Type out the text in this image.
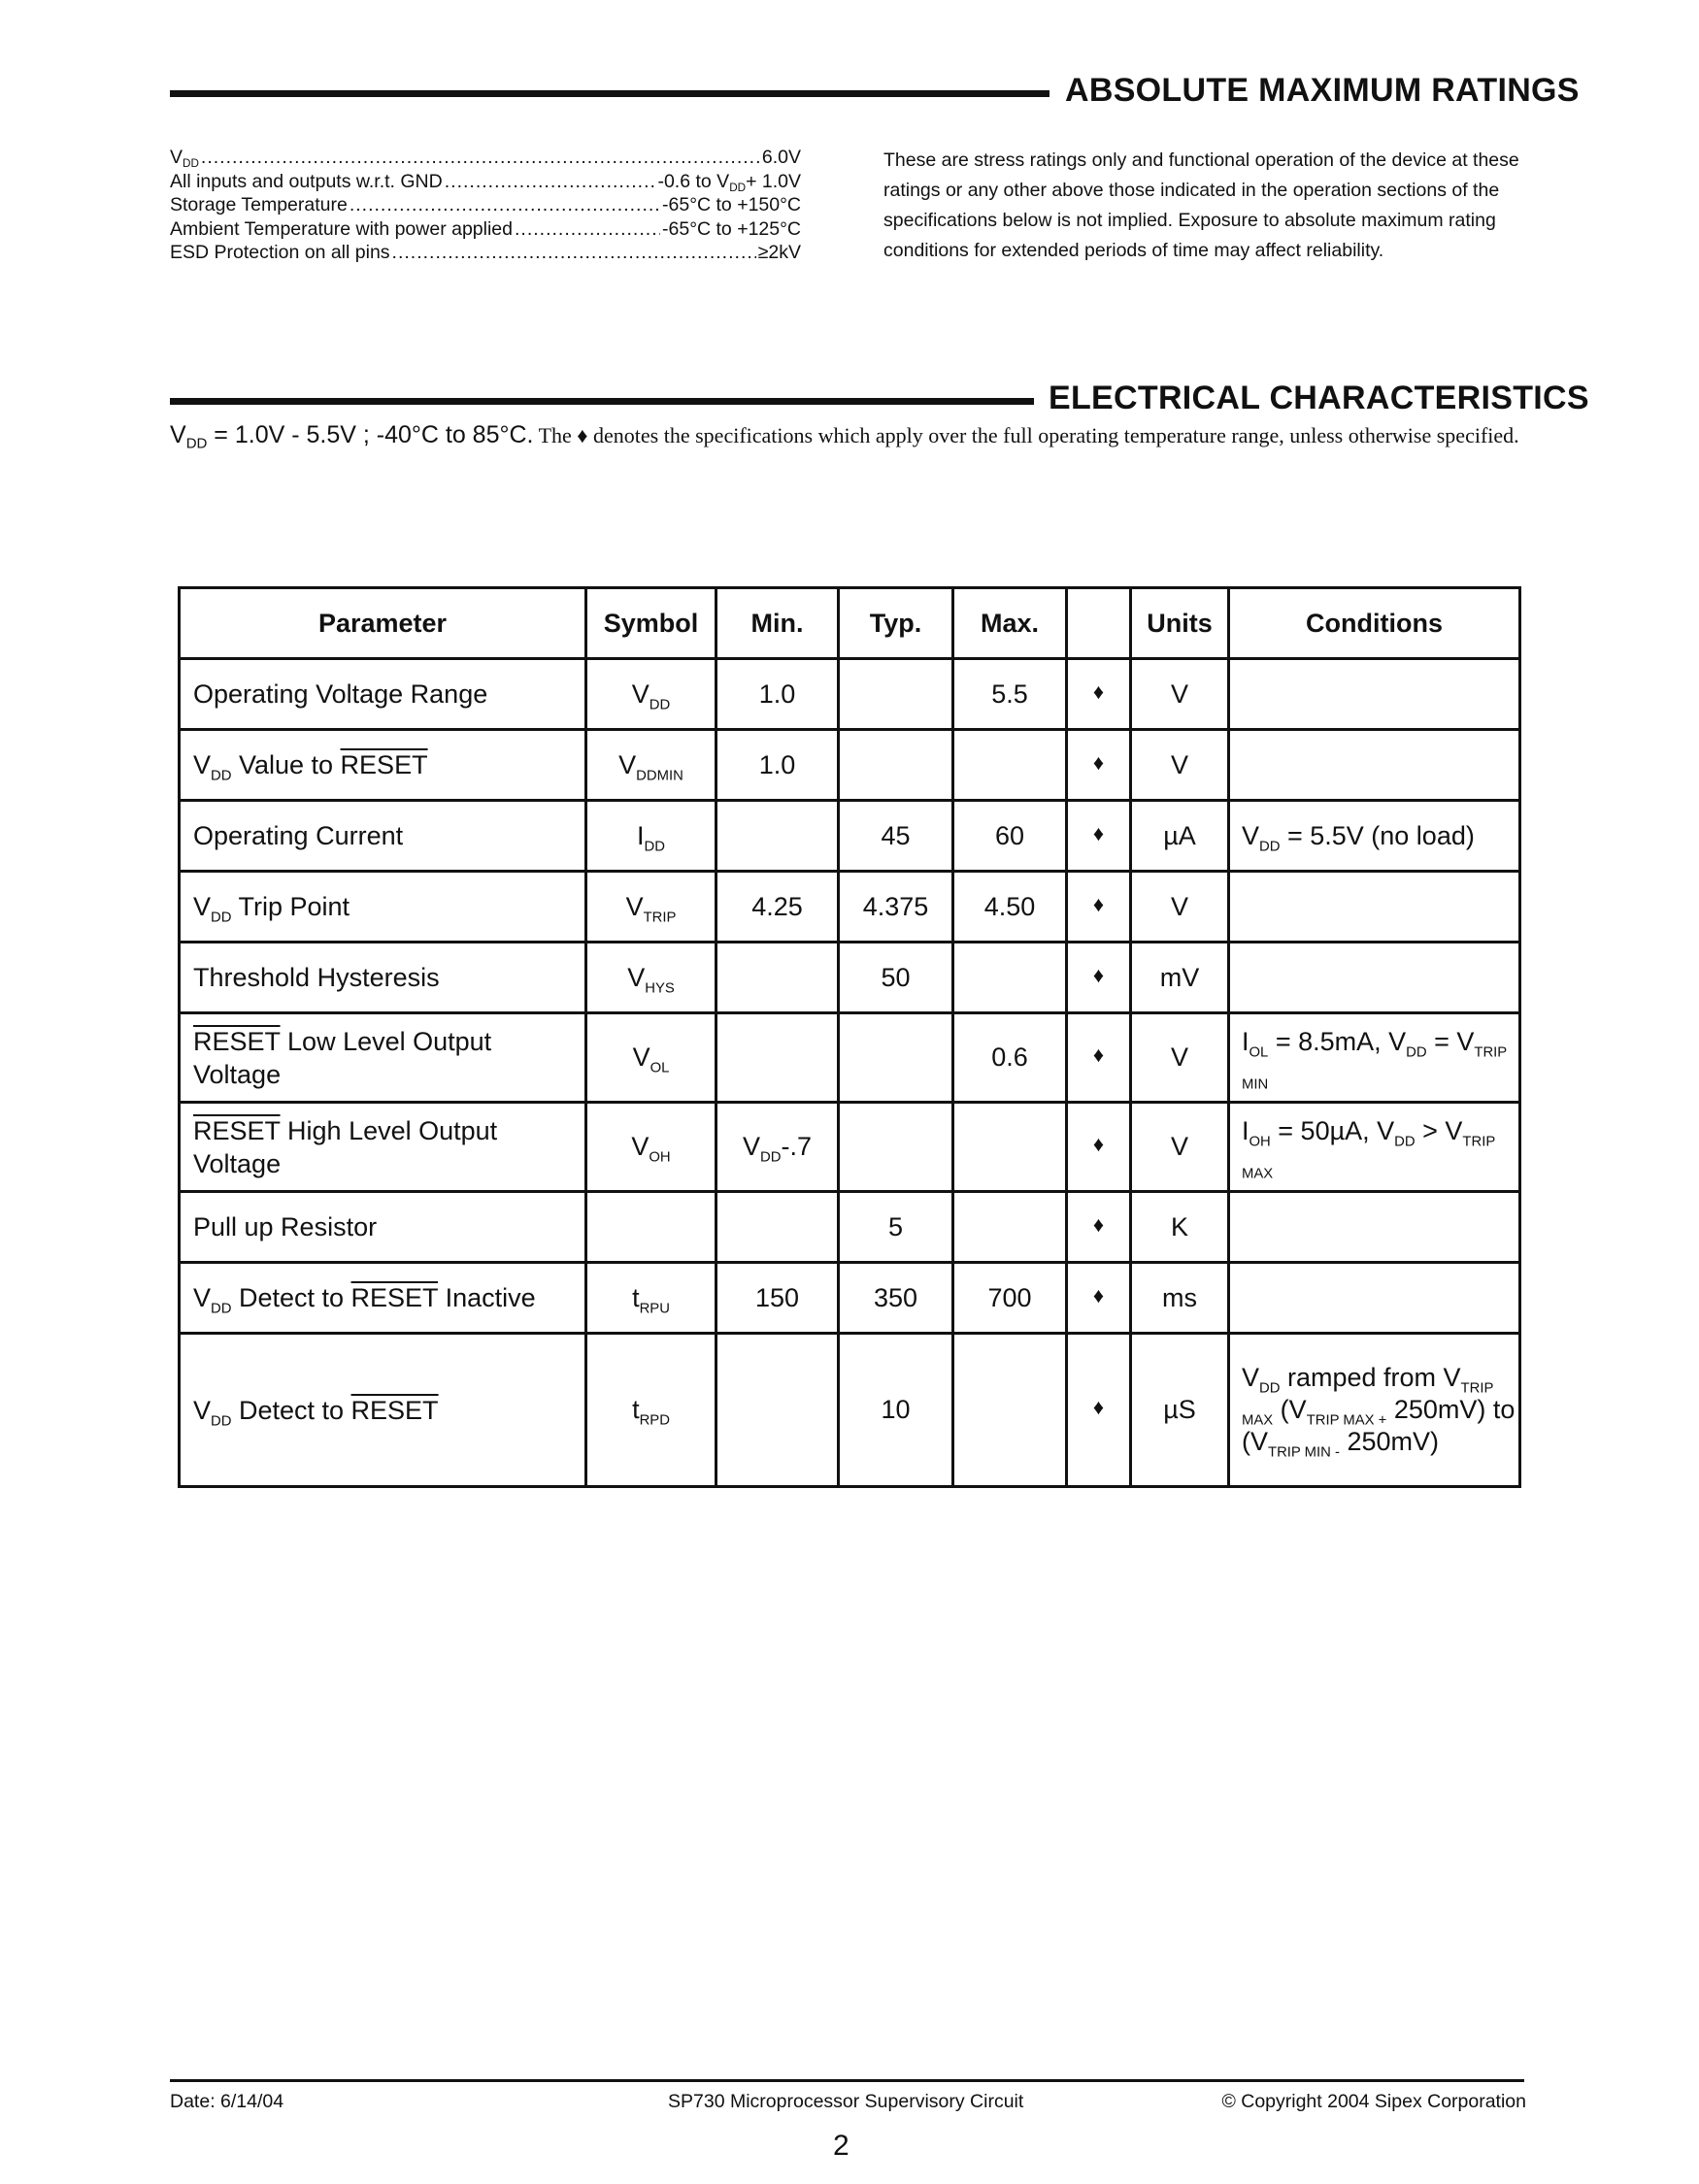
ABSOLUTE MAXIMUM RATINGS
$V_{DD}$ .....	6.0V
All inputs and outputs w.r.t. GND .....	-0.6 to $V_{DD}+ 1.0V$
Storage Temperature .....	-65°C to +150°C
Ambient Temperature with power applied .....	-65°C to +125°C
ESD Protection on all pins .....	≥2kV
These are stress ratings only and functional operation of the device at these ratings or any other above those indicated in the operation sections of the specifications below is not implied. Exposure to absolute maximum rating conditions for extended periods of time may affect reliability.
ELECTRICAL CHARACTERISTICS
$V_{DD} = 1.0V - 5.5V$ ; -40°C to 85°C. The ♦ denotes the specifications which apply over the full operating temperature range, unless otherwise specified.
Parameter	Symbol	Min.	Typ.	Max.		Units	Conditions
Operating Voltage Range	$V_{DD}$	1.0		5.5	♦	V	
$V_{DD}$ Value to RESET	$V_{DDMIN}$	1.0			♦	V	
Operating Current	$I_{DD}$		45	60	♦	µA	$V_{DD} = 5.5V$ (no load)
$V_{DD}$ Trip Point	$V_{TRIP}$	4.25	4.375	4.50	♦	V	
Threshold Hysteresis	$V_{HYS}$		50		♦	mV	
RESET Low Level Output Voltage	$V_{OL}$			0.6	♦	V	$I_{OL} = 8.5mA$, $V_{DD} = V_{TRIP MIN}$
RESET High Level Output Voltage	$V_{OH}$	$V_{DD}-.7$			♦	V	$I_{OH} = 50\mu A$, $V_{DD} > V_{TRIP MAX}$
Pull up Resistor			5		♦	K	
$V_{DD}$ Detect to RESET Inactive	$t_{RPU}$	150	350	700	♦	ms	
$V_{DD}$ Detect to RESET	$t_{RPD}$		10		♦	µS	$V_{DD}$ ramped from $V_{TRIP MAX}$ ($V_{TRIP MAX +}$ 250mV) to ($V_{TRIP MIN -}$ 250mV)
Date: 6/14/04	SP730 Microprocessor Supervisory Circuit	© Copyright 2004 Sipex Corporation
2
